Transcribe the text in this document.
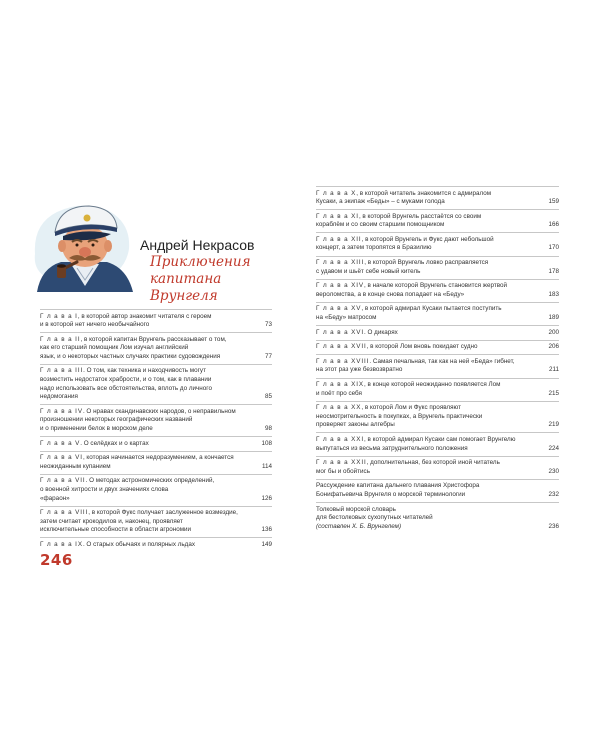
Андрей Некрасов
Приключения
капитана Врунгеля
Г л а в а I, в которой автор знакомит читателя с героем
и в которой нет ничего необычайного	73
Г л а в а II, в которой капитан Врунгель рассказывает о том,
как его старший помощник Лом изучал английский
язык, и о некоторых частных случаях практики судовождения	77
Г л а в а III. О том, как техника и находчивость могут
возместить недостаток храбрости, и о том, как в плавании
надо использовать все обстоятельства, вплоть до личного
недомогания	85
Г л а в а IV. О нравах скандинавских народов, о неправильном
произношении некоторых географических названий
и о применении белок в морском деле	98
Г л а в а V. О селёдках и о картах	108
Г л а в а VI, которая начинается недоразумением, а кончается
неожиданным купанием	114
Г л а в а VII. О методах астрономических определений,
о военной хитрости и двух значениях слова
«фараон»	126
Г л а в а VIII, в которой Фукс получает заслуженное возмездие,
затем считает крокодилов и, наконец, проявляет
исключительные способности в области агрономии	136
Г л а в а IX. О старых обычаях и полярных льдах	149
Г л а в а X, в которой читатель знакомится с адмиралом
Кусаки, а экипаж «Беды» – с муками голода	159
Г л а в а XI, в которой Врунгель расстаётся со своим
кораблём и со своим старшим помощником	166
Г л а в а XII, в которой Врунгель и Фукс дают небольшой
концерт, а затем торопятся в Бразилию	170
Г л а в а XIII, в которой Врунгель ловко расправляется
с удавом и шьёт себе новый китель	178
Г л а в а XIV, в начале которой Врунгель становится жертвой
вероломства, а в конце снова попадает на «Беду»	183
Г л а в а XV, в которой адмирал Кусаки пытается поступить
на «Беду» матросом	189
Г л а в а XVI. О дикарях	200
Г л а в а XVII, в которой Лом вновь покидает судно	206
Г л а в а XVIII. Самая печальная, так как на ней «Беда» гибнет,
на этот раз уже безвозвратно	211
Г л а в а XIX, в конце которой неожиданно появляется Лом
и поёт про себя	215
Г л а в а XX, в которой Лом и Фукс проявляют
неосмотрительность в покупках, а Врунгель практически
проверяет законы алгебры	219
Г л а в а XXI, в которой адмирал Кусаки сам помогает Врунгелю
выпутаться из весьма затруднительного положения	224
Г л а в а XXII, дополнительная, без которой иной читатель
мог бы и обойтись	230
Рассуждение капитана дальнего плавания Христофора
Бонифатьевича Врунгеля о морской терминологии	232
Толковый морской словарь
для бестолковых сухопутных читателей
(составлен Х. Б. Врунгелем)	236
246
